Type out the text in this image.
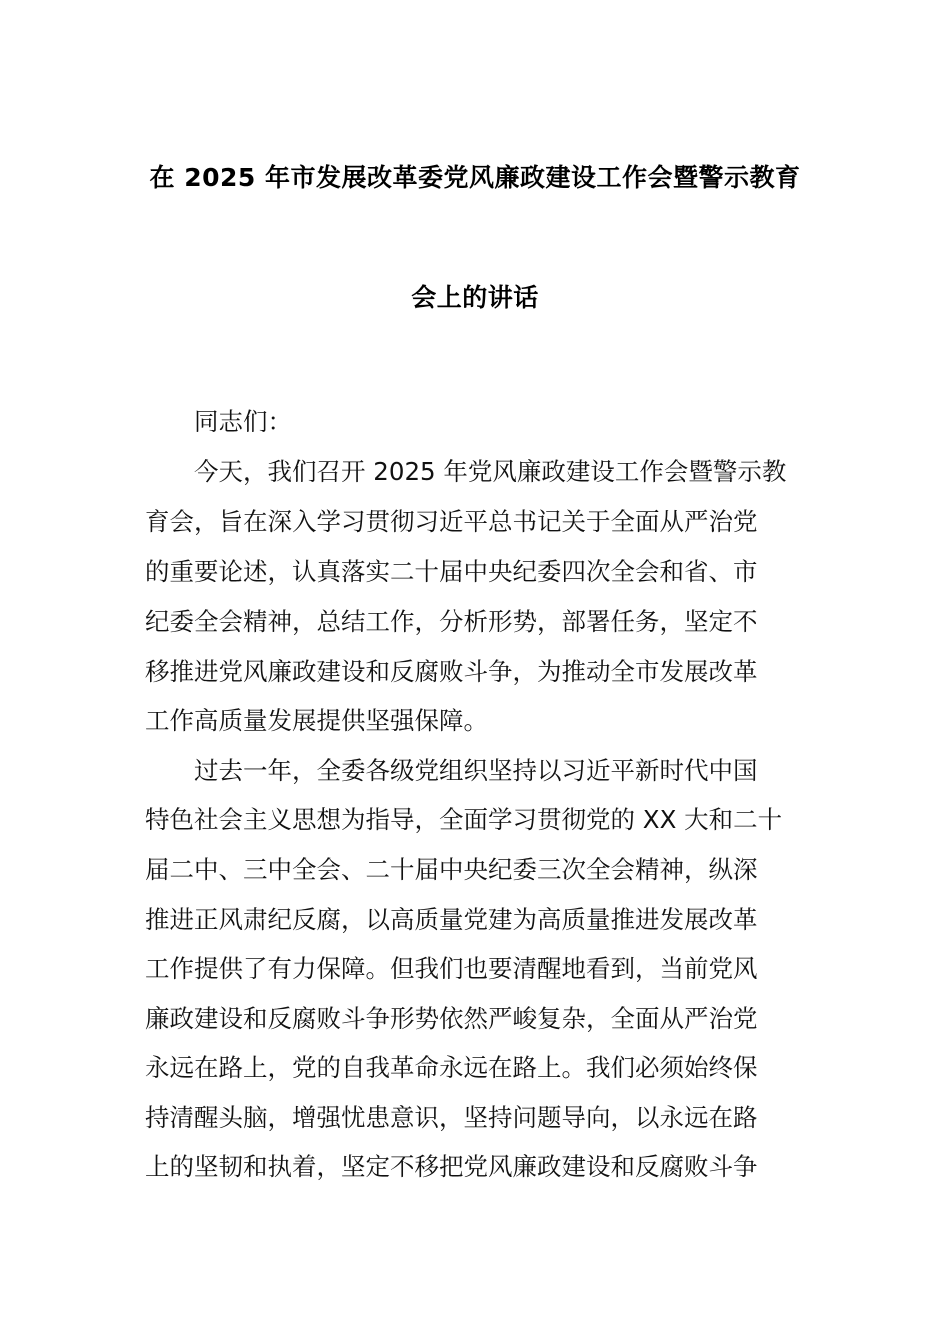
在 2025 年市发展改革委党风廉政建设工作会暨警示教育

会上的讲话

同志们：

今天，我们召开 2025 年党风廉政建设工作会暨警示教

育会，旨在深入学习贯彻习近平总书记关于全面从严治党

的重要论述，认真落实二十届中央纪委四次全会和省、市

纪委全会精神，总结工作，分析形势，部署任务，坚定不

移推进党风廉政建设和反腐败斗争，为推动全市发展改革

工作高质量发展提供坚强保障。

过去一年，全委各级党组织坚持以习近平新时代中国

特色社会主义思想为指导，全面学习贯彻党的 XX 大和二十

届二中、三中全会、二十届中央纪委三次全会精神，纵深

推进正风肃纪反腐，以高质量党建为高质量推进发展改革

工作提供了有力保障。但我们也要清醒地看到，当前党风

廉政建设和反腐败斗争形势依然严峻复杂，全面从严治党

永远在路上，党的自我革命永远在路上。我们必须始终保

持清醒头脑，增强忧患意识，坚持问题导向，以永远在路

上的坚韧和执着，坚定不移把党风廉政建设和反腐败斗争
